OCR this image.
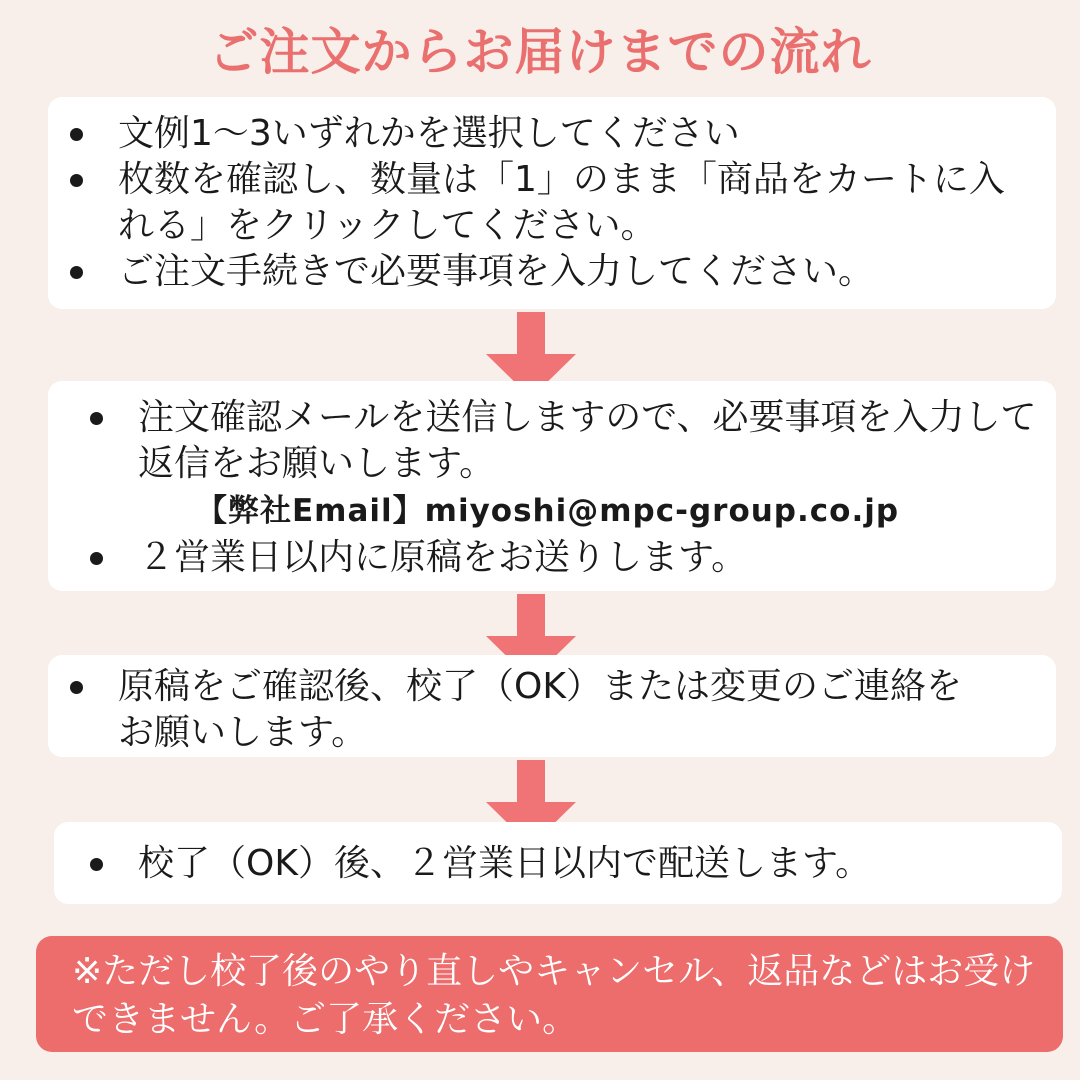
ご注文からお届けまでの流れ
文例1～3いずれかを選択してください
枚数を確認し、数量は「1」のまま「商品をカートに入れる」をクリックしてください。
ご注文手続きで必要事項を入力してください。
注文確認メールを送信しますので、必要事項を入力して返信をお願いします。
【弊社Email】miyoshi@mpc-group.co.jp
２営業日以内に原稿をお送りします。
原稿をご確認後、校了（OK）または変更のご連絡をお願いします。
校了（OK）後、２営業日以内で配送します。
※ただし校了後のやり直しやキャンセル、返品などはお受けできません。ご了承ください。
